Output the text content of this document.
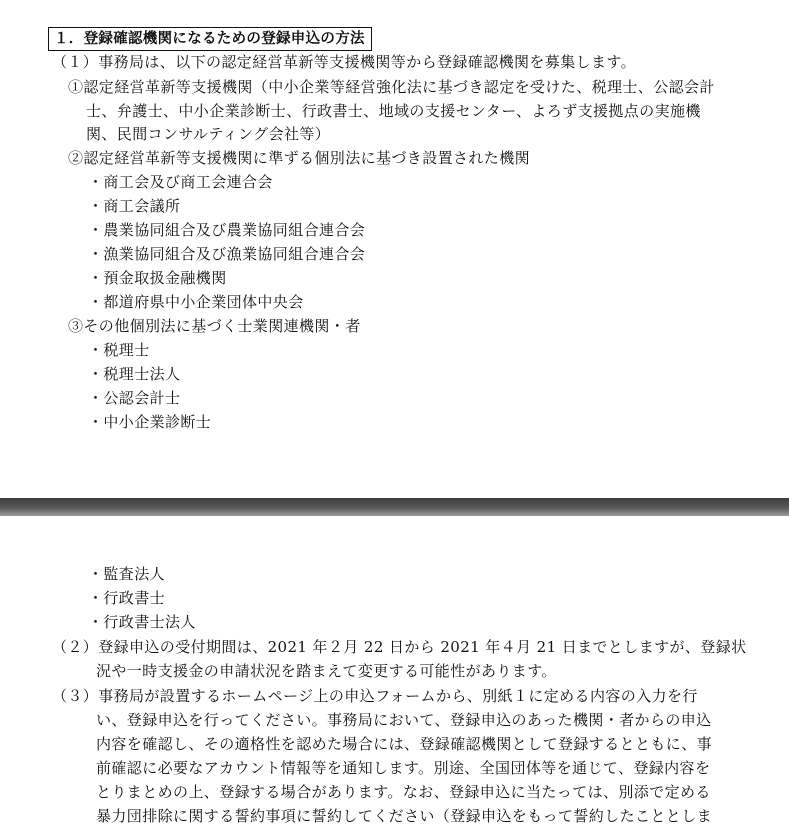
１．登録確認機関になるための登録申込の方法
（１）事務局は、以下の認定経営革新等支援機関等から登録確認機関を募集します。
①認定経営革新等支援機関（中小企業等経営強化法に基づき認定を受けた、税理士、公認会計
士、弁護士、中小企業診断士、行政書士、地域の支援センター、よろず支援拠点の実施機
関、民間コンサルティング会社等）
②認定経営革新等支援機関に準ずる個別法に基づき設置された機関
・商工会及び商工会連合会
・商工会議所
・農業協同組合及び農業協同組合連合会
・漁業協同組合及び漁業協同組合連合会
・預金取扱金融機関
・都道府県中小企業団体中央会
③その他個別法に基づく士業関連機関・者
・税理士
・税理士法人
・公認会計士
・中小企業診断士
・監査法人
・行政書士
・行政書士法人
（２）登録申込の受付期間は、2021 年２月 22 日から 2021 年４月 21 日までとしますが、登録状
況や一時支援金の申請状況を踏まえて変更する可能性があります。
（３）事務局が設置するホームページ上の申込フォームから、別紙１に定める内容の入力を行
い、登録申込を行ってください。事務局において、登録申込のあった機関・者からの申込
内容を確認し、その適格性を認めた場合には、登録確認機関として登録するとともに、事
前確認に必要なアカウント情報等を通知します。別途、全国団体等を通じて、登録内容を
とりまとめの上、登録する場合があります。なお、登録申込に当たっては、別添で定める
暴力団排除に関する誓約事項に誓約してください（登録申込をもって誓約したこととしま
